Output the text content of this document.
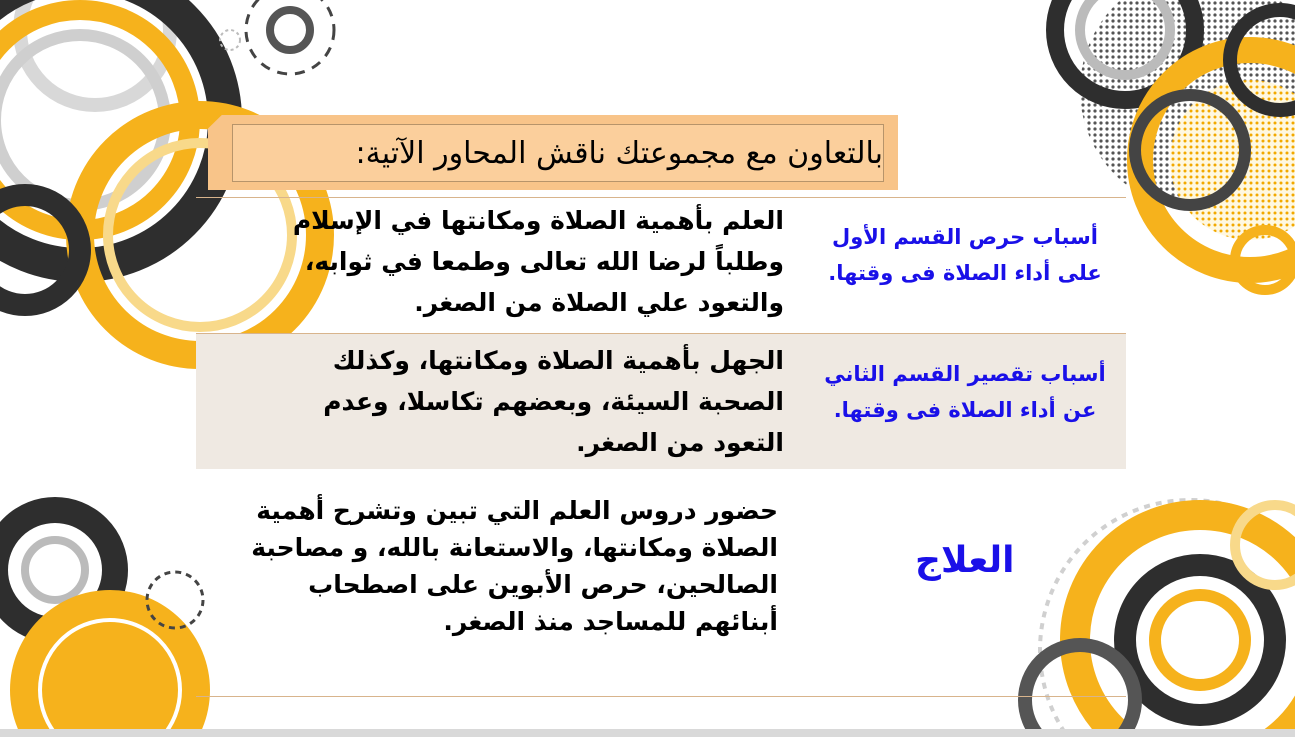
بالتعاون مع مجموعتك ناقش المحاور الآتية:
العلم بأهمية الصلاة ومكانتها في الإسلام وطلباً لرضا الله تعالى وطمعا في ثوابه، والتعود علي الصلاة من الصغر.
أسباب حرص القسم الأول على أداء الصلاة فى وقتها.
الجهل بأهمية الصلاة ومكانتها، وكذلك الصحبة السيئة، وبعضهم تكاسلا، وعدم التعود من الصغر.
أسباب تقصير القسم الثاني عن أداء الصلاة فى وقتها.
حضور دروس العلم التي تبين وتشرح أهمية الصلاة ومكانتها، والاستعانة بالله، و مصاحبة الصالحين، حرص الأبوين على اصطحاب أبنائهم للمساجد منذ الصغر.
العلاج
